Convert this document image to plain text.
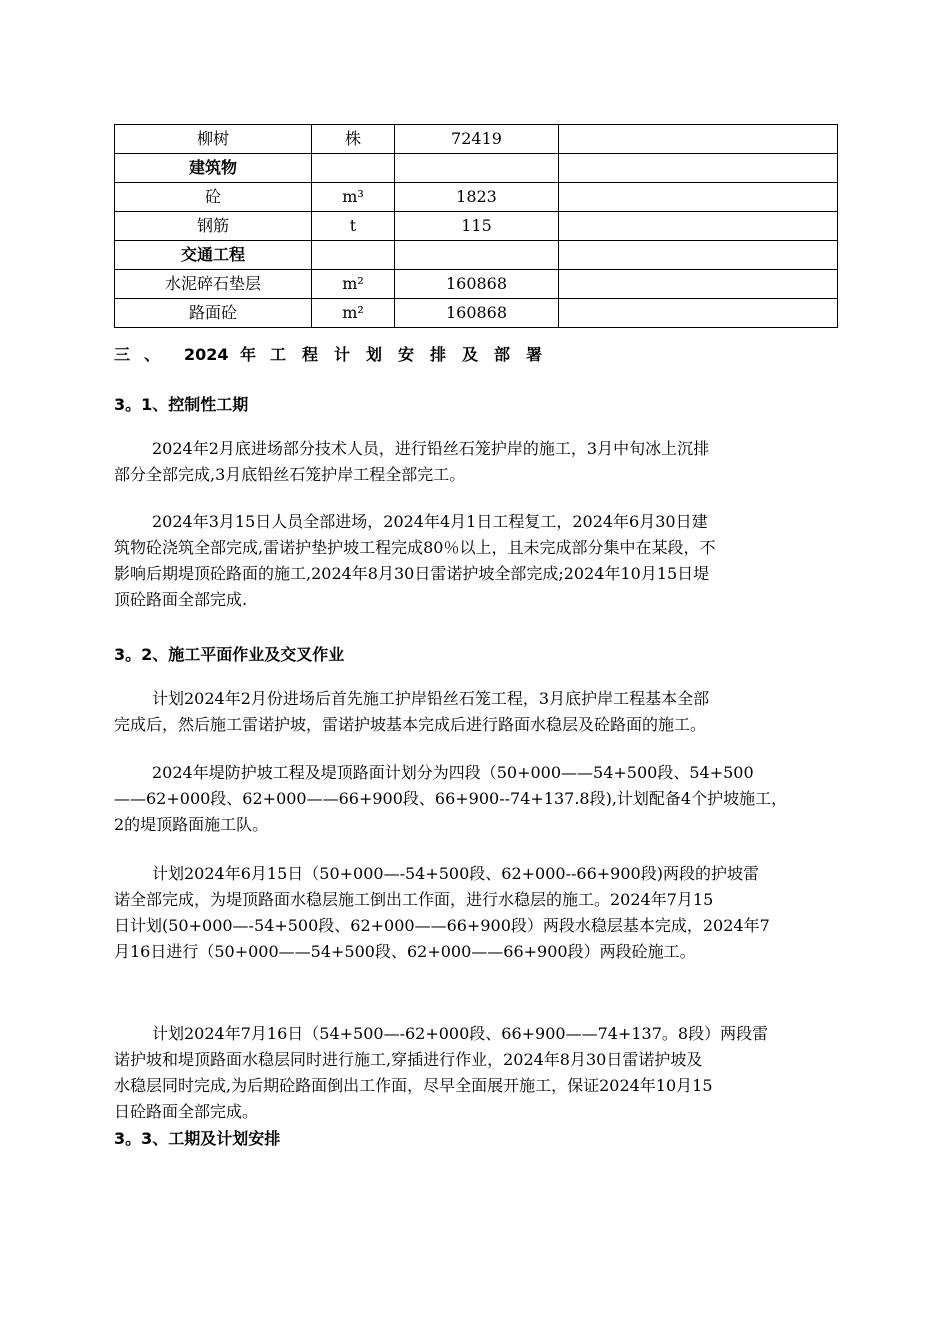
柳树	株	72419	
建筑物			
砼	m³	1823	
钢筋	t	115	
交通工程			
水泥碎石垫层	m²	160868	
路面砼	m²	160868	
三 、 2024 年 工 程 计 划 安 排 及 部 署
3。1、控制性工期
2024年2月底进场部分技术人员，进行铅丝石笼护岸的施工，3月中旬冰上沉排
部分全部完成,3月底铅丝石笼护岸工程全部完工。
2024年3月15日人员全部进场，2024年4月1日工程复工，2024年6月30日建
筑物砼浇筑全部完成,雷诺护垫护坡工程完成80％以上，且未完成部分集中在某段，不
影响后期堤顶砼路面的施工,2024年8月30日雷诺护坡全部完成;2024年10月15日堤
顶砼路面全部完成.
3。2、施工平面作业及交叉作业
计划2024年2月份进场后首先施工护岸铅丝石笼工程，3月底护岸工程基本全部
完成后，然后施工雷诺护坡，雷诺护坡基本完成后进行路面水稳层及砼路面的施工。
2024年堤防护坡工程及堤顶路面计划分为四段（50+000——54+500段、54+500
——62+000段、62+000——66+900段、66+900--74+137.8段),计划配备4个护坡施工，
2的堤顶路面施工队。
计划2024年6月15日（50+000—-54+500段、62+000--66+900段)两段的护坡雷
诺全部完成，为堤顶路面水稳层施工倒出工作面，进行水稳层的施工。2024年7月15
日计划(50+000—-54+500段、62+000——66+900段）两段水稳层基本完成，2024年7
月16日进行（50+000——54+500段、62+000——66+900段）两段砼施工。
计划2024年7月16日（54+500—-62+000段、66+900——74+137。8段）两段雷
诺护坡和堤顶路面水稳层同时进行施工,穿插进行作业，2024年8月30日雷诺护坡及
水稳层同时完成,为后期砼路面倒出工作面，尽早全面展开施工，保证2024年10月15
日砼路面全部完成。
3。3、工期及计划安排
